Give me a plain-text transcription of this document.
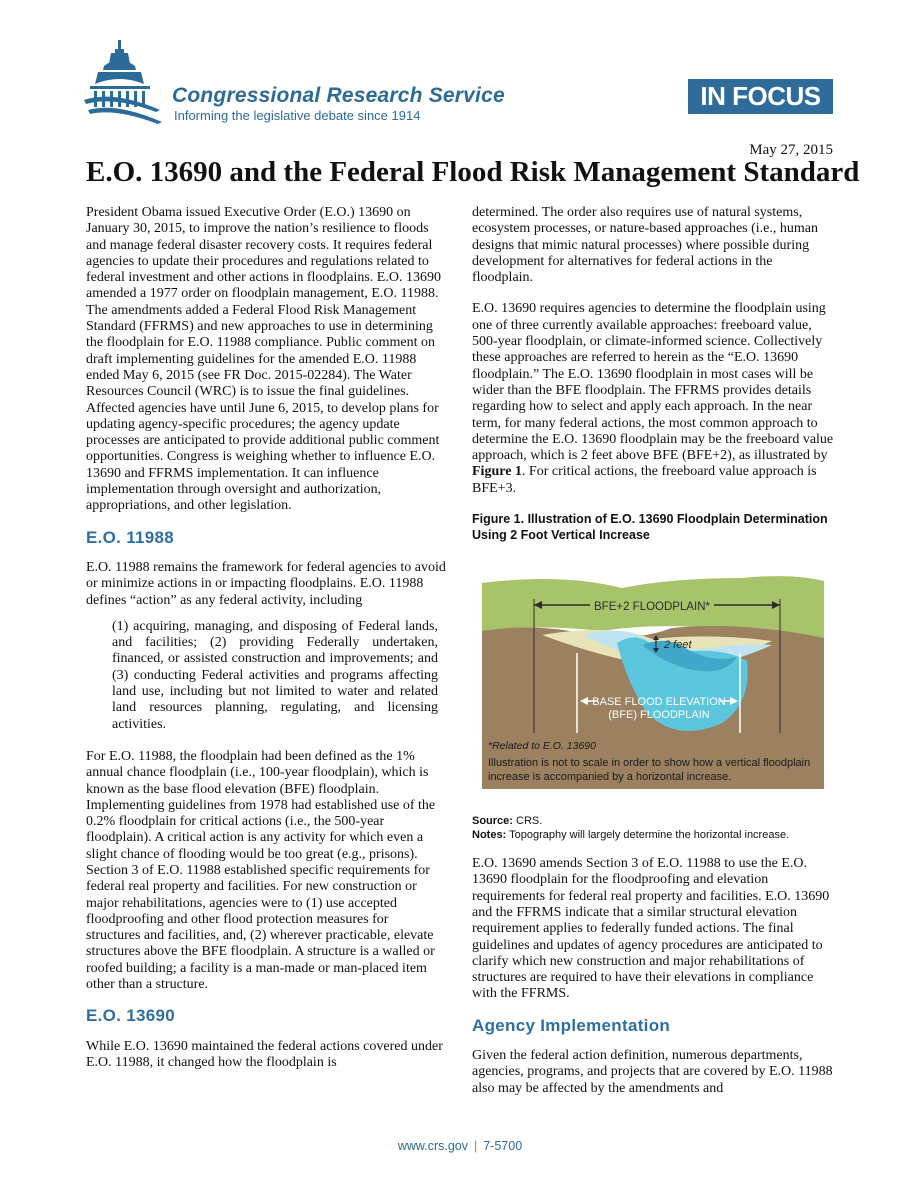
Congressional Research Service
Informing the legislative debate since 1914
IN FOCUS
May 27, 2015
E.O. 13690 and the Federal Flood Risk Management Standard

President Obama issued Executive Order (E.O.) 13690 on January 30, 2015, to improve the nation’s resilience to floods and manage federal disaster recovery costs. It requires federal agencies to update their procedures and regulations related to federal investment and other actions in floodplains. E.O. 13690 amended a 1977 order on floodplain management, E.O. 11988. The amendments added a Federal Flood Risk Management Standard (FFRMS) and new approaches to use in determining the floodplain for E.O. 11988 compliance. Public comment on draft implementing guidelines for the amended E.O. 11988 ended May 6, 2015 (see FR Doc. 2015-02284). The Water Resources Council (WRC) is to issue the final guidelines. Affected agencies have until June 6, 2015, to develop plans for updating agency-specific procedures; the agency update processes are anticipated to provide additional public comment opportunities. Congress is weighing whether to influence E.O. 13690 and FFRMS implementation. It can influence implementation through oversight and authorization, appropriations, and other legislation.

E.O. 11988

E.O. 11988 remains the framework for federal agencies to avoid or minimize actions in or impacting floodplains. E.O. 11988 defines “action” as any federal activity, including

(1) acquiring, managing, and disposing of Federal lands, and facilities; (2) providing Federally undertaken, financed, or assisted construction and improvements; and (3) conducting Federal activities and programs affecting land use, including but not limited to water and related land resources planning, regulating, and licensing activities.

For E.O. 11988, the floodplain had been defined as the 1% annual chance floodplain (i.e., 100-year floodplain), which is known as the base flood elevation (BFE) floodplain. Implementing guidelines from 1978 had established use of the 0.2% floodplain for critical actions (i.e., the 500-year floodplain). A critical action is any activity for which even a slight chance of flooding would be too great (e.g., prisons). Section 3 of E.O. 11988 established specific requirements for federal real property and facilities. For new construction or major rehabilitations, agencies were to (1) use accepted floodproofing and other flood protection measures for structures and facilities, and, (2) wherever practicable, elevate structures above the BFE floodplain. A structure is a walled or roofed building; a facility is a man-made or man-placed item other than a structure.

E.O. 13690

While E.O. 13690 maintained the federal actions covered under E.O. 11988, it changed how the floodplain is

determined. The order also requires use of natural systems, ecosystem processes, or nature-based approaches (i.e., human designs that mimic natural processes) where possible during development for alternatives for federal actions in the floodplain.

E.O. 13690 requires agencies to determine the floodplain using one of three currently available approaches: freeboard value, 500-year floodplain, or climate-informed science. Collectively these approaches are referred to herein as the “E.O. 13690 floodplain.” The E.O. 13690 floodplain in most cases will be wider than the BFE floodplain. The FFRMS provides details regarding how to select and apply each approach. In the near term, for many federal actions, the most common approach to determine the E.O. 13690 floodplain may be the freeboard value approach, which is 2 feet above BFE (BFE+2), as illustrated by Figure 1. For critical actions, the freeboard value approach is BFE+3.

Figure 1. Illustration of E.O. 13690 Floodplain Determination Using 2 Foot Vertical Increase
BFE+2 FLOODPLAIN*
2 feet
BASE FLOOD ELEVATION
(BFE) FLOODPLAIN
*Related to E.O. 13690
Illustration is not to scale in order to show how a vertical floodplain
increase is accompanied by a horizontal increase.
Source: CRS.
Notes: Topography will largely determine the horizontal increase.

E.O. 13690 amends Section 3 of E.O. 11988 to use the E.O. 13690 floodplain for the floodproofing and elevation requirements for federal real property and facilities. E.O. 13690 and the FFRMS indicate that a similar structural elevation requirement applies to federally funded actions. The final guidelines and updates of agency procedures are anticipated to clarify which new construction and major rehabilitations of structures are required to have their elevations in compliance with the FFRMS.

Agency Implementation

Given the federal action definition, numerous departments, agencies, programs, and projects that are covered by E.O. 11988 also may be affected by the amendments and

www.crs.gov | 7-5700
